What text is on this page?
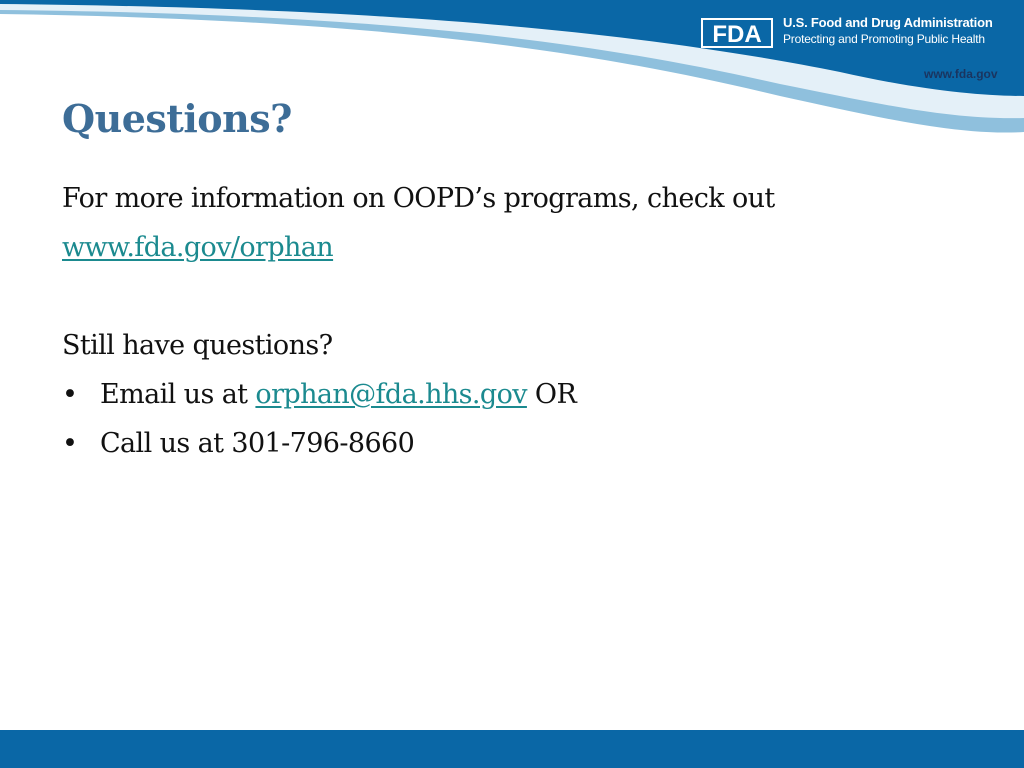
FDA U.S. Food and Drug Administration
Protecting and Promoting Public Health
www.fda.gov
Questions?
For more information on OOPD’s programs, check out
www.fda.gov/orphan
Still have questions?
• Email us at orphan@fda.hhs.gov OR
• Call us at 301-796-8660
